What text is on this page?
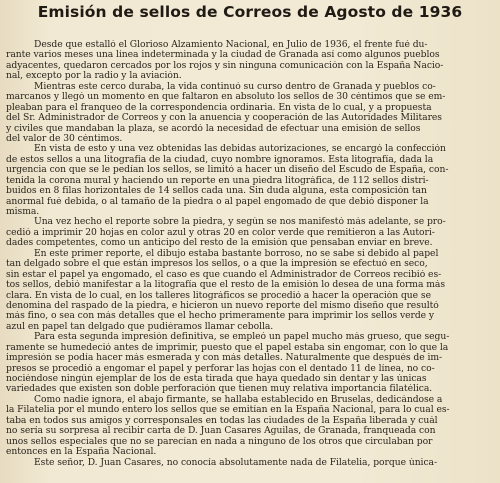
Emisión de sellos de Correos de Agosto de 1936
Desde que estalló el Glorioso Alzamiento Nacional, en Julio de 1936, el frente fué du-
rante varios meses una línea indeterminada y la ciudad de Granada así como algunos pueblos
adyacentes, quedaron cercados por los rojos y sin ninguna comunicación con la España Nacio-
nal, excepto por la radio y la aviación.
Mientras este cerco duraba, la vida continuó su curso dentro de Granada y pueblos co-
marcanos y llegó un momento en que faltaron en absoluto los sellos de 30 céntimos que se em-
pleaban para el franqueo de la correspondencia ordinaria. En vista de lo cual, y a propuesta
del Sr. Administrador de Correos y con la anuencia y cooperación de las Autoridades Militares
y civiles que mandaban la plaza, se acordó la necesidad de efectuar una emisión de sellos
del valor de 30 céntimos.
En vista de esto y una vez obtenidas las debidas autorizaciones, se encargó la confección
de estos sellos a una litografía de la ciudad, cuyo nombre ignoramos. Esta litografía, dada la
urgencia con que se le pedían los sellos, se limitó a hacer un diseño del Escudo de España, con-
tenida la corona mural y haciendo un reporte en una piedra litográfica, de 112 sellos distri-
buidos en 8 filas horizontales de 14 sellos cada una. Sin duda alguna, esta composición tan
anormal fué debida, o al tamaño de la piedra o al papel engomado de que debió disponer la
misma.
Una vez hecho el reporte sobre la piedra, y según se nos manifestó más adelante, se pro-
cedió a imprimir 20 hojas en color azul y otras 20 en color verde que remitieron a las Autori-
dades competentes, como un anticipo del resto de la emisión que pensaban enviar en breve.
En este primer reporte, el dibujo estaba bastante borroso, no se sabe si debido al papel
tan delgado sobre el que están impresos los sellos, o a que la impresión se efectuó en seco,
sin estar el papel ya engomado, el caso es que cuando el Administrador de Correos recibió es-
tos sellos, debió manifestar a la litografía que el resto de la emisión lo desea de una forma más
clara. En vista de lo cual, en los talleres litográficos se procedió a hacer la operación que se
denomina del raspado de la piedra, e hicieron un nuevo reporte del mismo diseño que resultó
más fino, o sea con más detalles que el hecho primeramente para imprimir los sellos verde y
azul en papel tan delgado que pudiéramos llamar cebolla.
Para esta segunda impresión definitiva, se empleó un papel mucho más grueso, que segu-
ramente se humedeció antes de imprimir, puesto que el papel estaba sin engomar, con lo que la
impresión se podía hacer más esmerada y con más detalles. Naturalmente que después de im-
presos se procedió a engomar el papel y perforar las hojas con el dentado 11 de línea, no co-
nociéndose ningún ejemplar de los de esta tirada que haya quedado sin dentar y las únicas
variedades que existen son doble perforación que tienen muy relativa importancia filatélica.
Como nadie ignora, el abajo firmante, se hallaba establecido en Bruselas, dedicándose a
la Filatelia por el mundo entero los sellos que se emitían en la España Nacional, para lo cual es-
taba en todos sus amigos y corresponsales en todas las ciudades de la España liberada y cuál
no sería su sorpresa al recibir carta de D. Juan Casares Aguilas, de Granada, franqueada con
unos sellos especiales que no se parecían en nada a ninguno de los otros que circulaban por
entonces en la España Nacional.
Este señor, D. Juan Casares, no conocía absolutamente nada de Filatelia, porque única-
